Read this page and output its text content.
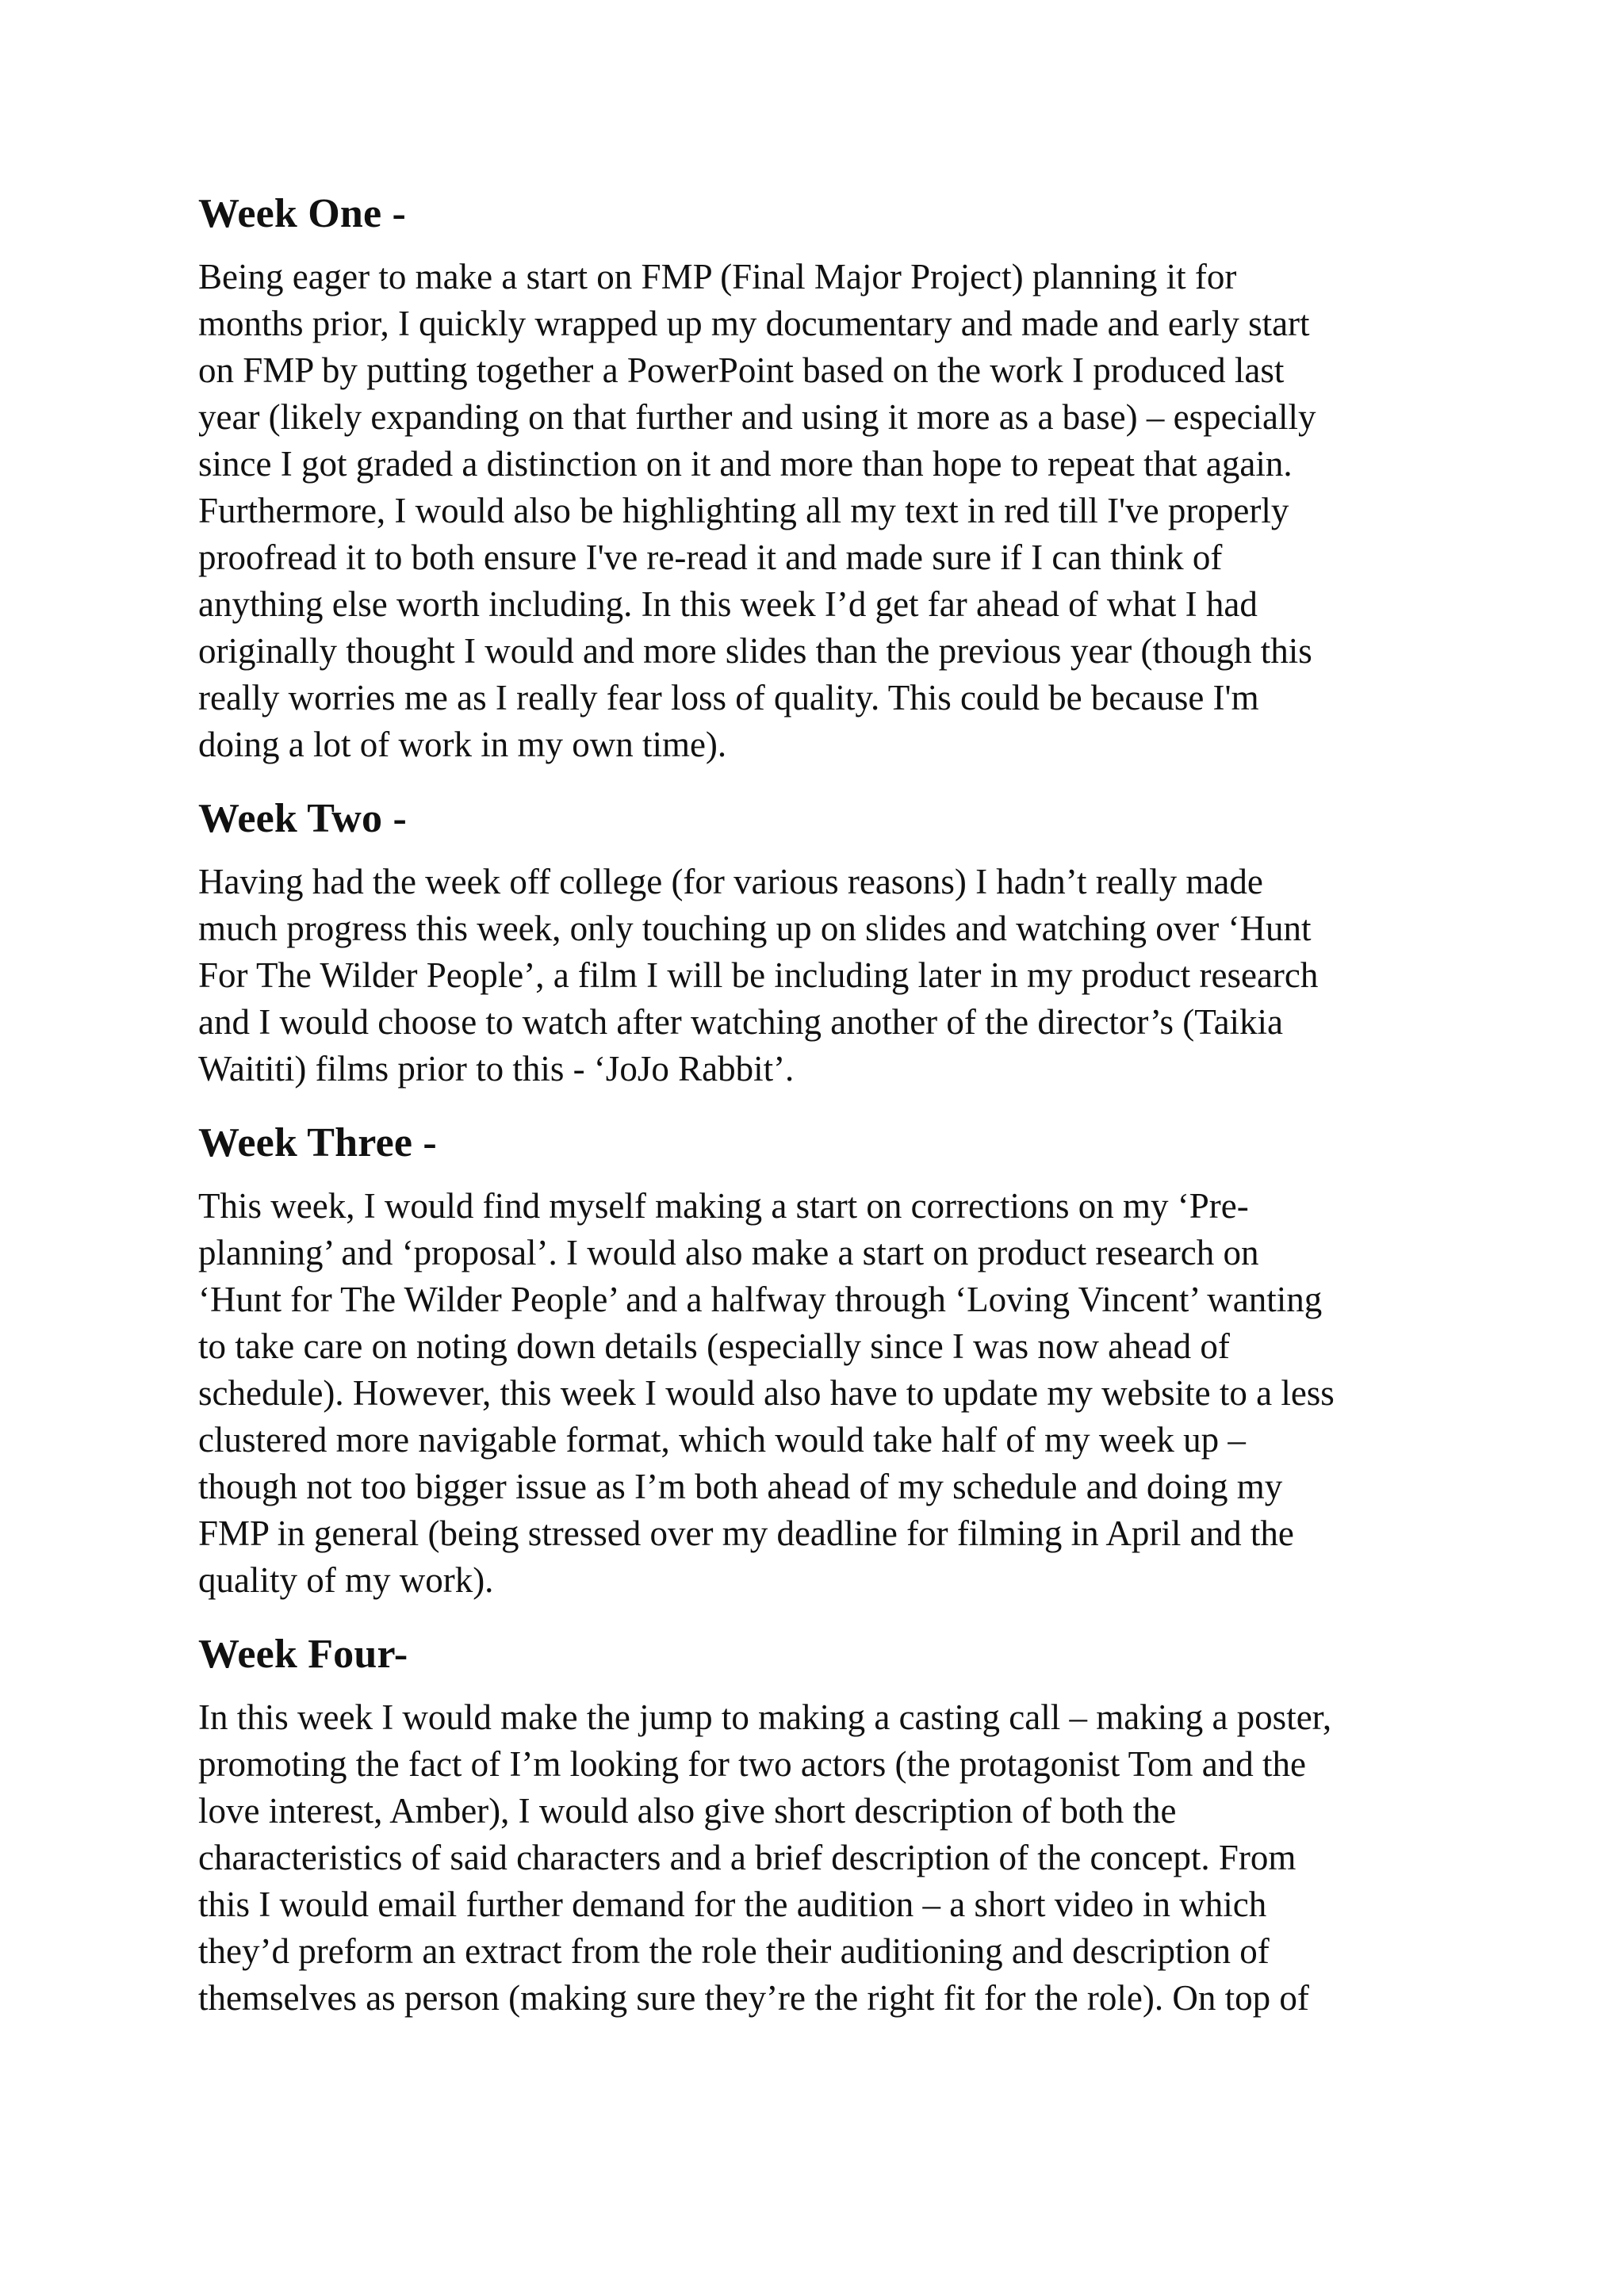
Week One -
Being eager to make a start on FMP (Final Major Project) planning it for
months prior, I quickly wrapped up my documentary and made and early start
on FMP by putting together a PowerPoint based on the work I produced last
year (likely expanding on that further and using it more as a base) – especially
since I got graded a distinction on it and more than hope to repeat that again.
Furthermore, I would also be highlighting all my text in red till I've properly
proofread it to both ensure I've re-read it and made sure if I can think of
anything else worth including. In this week I’d get far ahead of what I had
originally thought I would and more slides than the previous year (though this
really worries me as I really fear loss of quality. This could be because I'm
doing a lot of work in my own time).
Week Two -
Having had the week off college (for various reasons) I hadn’t really made
much progress this week, only touching up on slides and watching over ‘Hunt
For The Wilder People’, a film I will be including later in my product research
and I would choose to watch after watching another of the director’s (Taikia
Waititi) films prior to this - ‘JoJo Rabbit’.
Week Three -
This week, I would find myself making a start on corrections on my ‘Pre-
planning’ and ‘proposal’. I would also make a start on product research on
‘Hunt for The Wilder People’ and a halfway through ‘Loving Vincent’ wanting
to take care on noting down details (especially since I was now ahead of
schedule). However, this week I would also have to update my website to a less
clustered more navigable format, which would take half of my week up –
though not too bigger issue as I’m both ahead of my schedule and doing my
FMP in general (being stressed over my deadline for filming in April and the
quality of my work).
Week Four-
In this week I would make the jump to making a casting call – making a poster,
promoting the fact of I’m looking for two actors (the protagonist Tom and the
love interest, Amber), I would also give short description of both the
characteristics of said characters and a brief description of the concept. From
this I would email further demand for the audition – a short video in which
they’d preform an extract from the role their auditioning and description of
themselves as person (making sure they’re the right fit for the role). On top of
